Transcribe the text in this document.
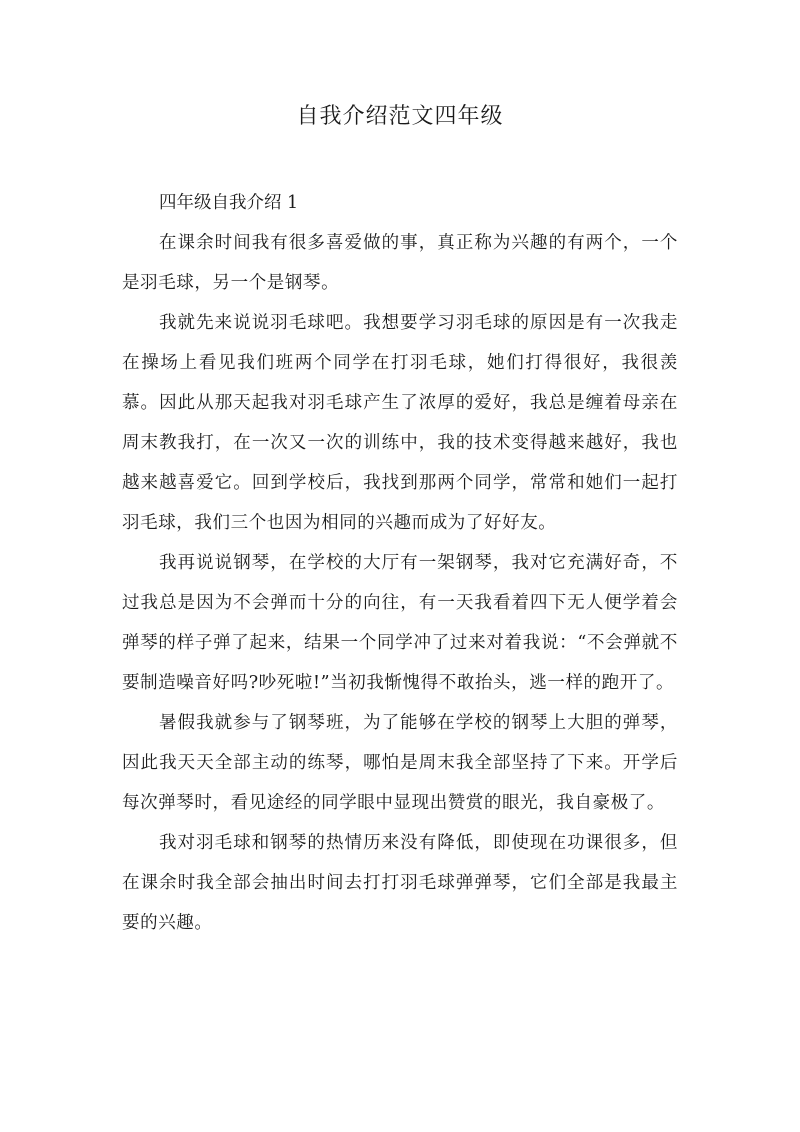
自我介绍范文四年级

四年级自我介绍 1

在课余时间我有很多喜爱做的事，真正称为兴趣的有两个，一个是羽毛球，另一个是钢琴。

我就先来说说羽毛球吧。我想要学习羽毛球的原因是有一次我走在操场上看见我们班两个同学在打羽毛球，她们打得很好，我很羡慕。因此从那天起我对羽毛球产生了浓厚的爱好，我总是缠着母亲在周末教我打，在一次又一次的训练中，我的技术变得越来越好，我也越来越喜爱它。回到学校后，我找到那两个同学，常常和她们一起打羽毛球，我们三个也因为相同的兴趣而成为了好好友。

我再说说钢琴，在学校的大厅有一架钢琴，我对它充满好奇，不过我总是因为不会弹而十分的向往，有一天我看着四下无人便学着会弹琴的样子弹了起来，结果一个同学冲了过来对着我说：“不会弹就不要制造噪音好吗?吵死啦!”当初我惭愧得不敢抬头，逃一样的跑开了。

暑假我就参与了钢琴班，为了能够在学校的钢琴上大胆的弹琴，因此我天天全部主动的练琴，哪怕是周末我全部坚持了下来。开学后每次弹琴时，看见途经的同学眼中显现出赞赏的眼光，我自豪极了。

我对羽毛球和钢琴的热情历来没有降低，即使现在功课很多，但在课余时我全部会抽出时间去打打羽毛球弹弹琴，它们全部是我最主要的兴趣。
